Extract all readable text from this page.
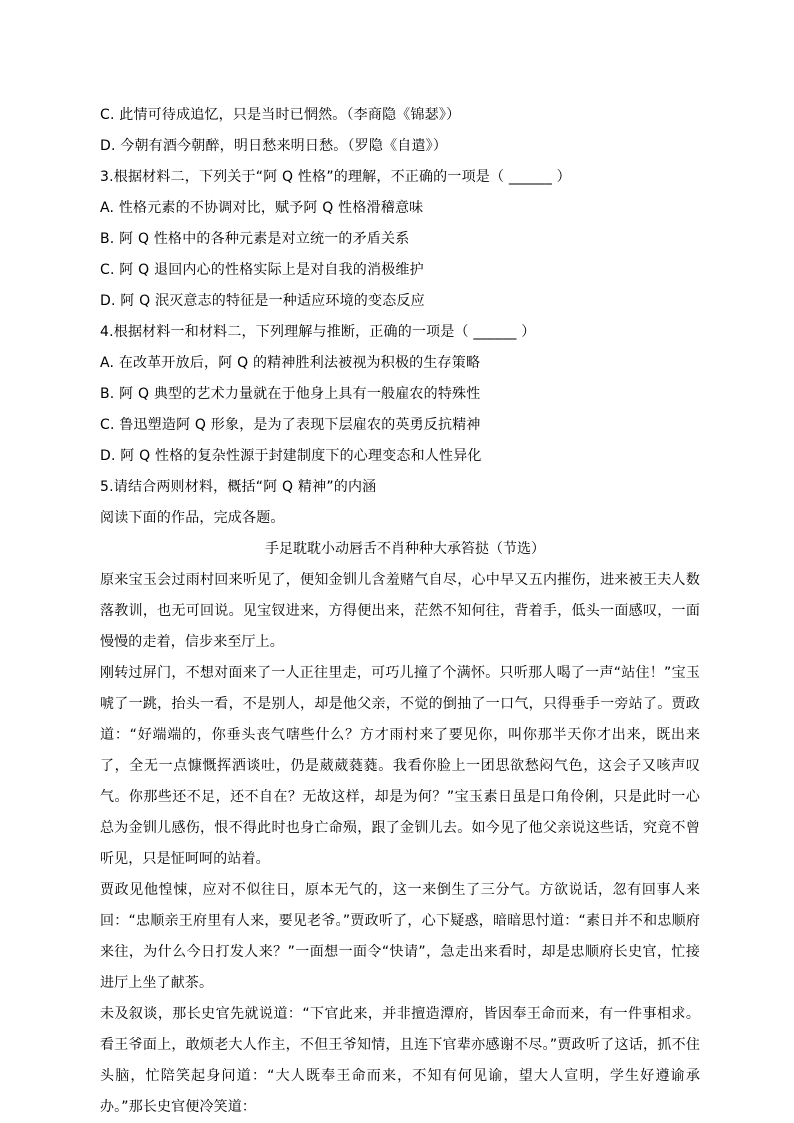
C. 此情可待成追忆，只是当时已惘然。（李商隐《锦瑟》）
D. 今朝有酒今朝醉，明日愁来明日愁。（罗隐《自遣》）
3.根据材料二，下列关于“阿 Q 性格”的理解，不正确的一项是（ ______ ）
A. 性格元素的不协调对比，赋予阿 Q 性格滑稽意味
B. 阿 Q 性格中的各种元素是对立统一的矛盾关系
C. 阿 Q 退回内心的性格实际上是对自我的消极维护
D. 阿 Q 泯灭意志的特征是一种适应环境的变态反应
4.根据材料一和材料二，下列理解与推断，正确的一项是（ ______ ）
A. 在改革开放后，阿 Q 的精神胜利法被视为积极的生存策略
B. 阿 Q 典型的艺术力量就在于他身上具有一般雇农的特殊性
C. 鲁迅塑造阿 Q 形象，是为了表现下层雇农的英勇反抗精神
D. 阿 Q 性格的复杂性源于封建制度下的心理变态和人性异化
5.请结合两则材料，概括“阿 Q 精神”的内涵
阅读下面的作品，完成各题。
手足耽耽小动唇舌不肖种种大承笞挞（节选）

原来宝玉会过雨村回来听见了，便知金钏儿含羞赌气自尽，心中早又五内摧伤，进来被王夫人数落教训，也无可回说。见宝钗进来，方得便出来，茫然不知何往，背着手，低头一面感叹，一面慢慢的走着，信步来至厅上。

刚转过屏门，不想对面来了一人正往里走，可巧儿撞了个满怀。只听那人喝了一声“站住！”宝玉唬了一跳，抬头一看，不是别人，却是他父亲，不觉的倒抽了一口气，只得垂手一旁站了。贾政道：“好端端的，你垂头丧气嗐些什么？方才雨村来了要见你，叫你那半天你才出来，既出来了，全无一点慷慨挥洒谈吐，仍是葳葳蕤蕤。我看你脸上一团思欲愁闷气色，这会子又咳声叹气。你那些还不足，还不自在？无故这样，却是为何？”宝玉素日虽是口角伶俐，只是此时一心总为金钏儿感伤，恨不得此时也身亡命殒，跟了金钏儿去。如今见了他父亲说这些话，究竟不曾听见，只是怔呵呵的站着。

贾政见他惶悚，应对不似往日，原本无气的，这一来倒生了三分气。方欲说话，忽有回事人来回：“忠顺亲王府里有人来，要见老爷。”贾政听了，心下疑惑，暗暗思忖道：“素日并不和忠顺府来往，为什么今日打发人来？”一面想一面令“快请”，急走出来看时，却是忠顺府长史官，忙接进厅上坐了献茶。

未及叙谈，那长史官先就说道：“下官此来，并非擅造潭府，皆因奉王命而来，有一件事相求。看王爷面上，敢烦老大人作主，不但王爷知情，且连下官辈亦感谢不尽。”贾政听了这话，抓不住头脑，忙陪笑起身问道：“大人既奉王命而来，不知有何见谕，望大人宣明，学生好遵谕承办。”那长史官便冷笑道：
